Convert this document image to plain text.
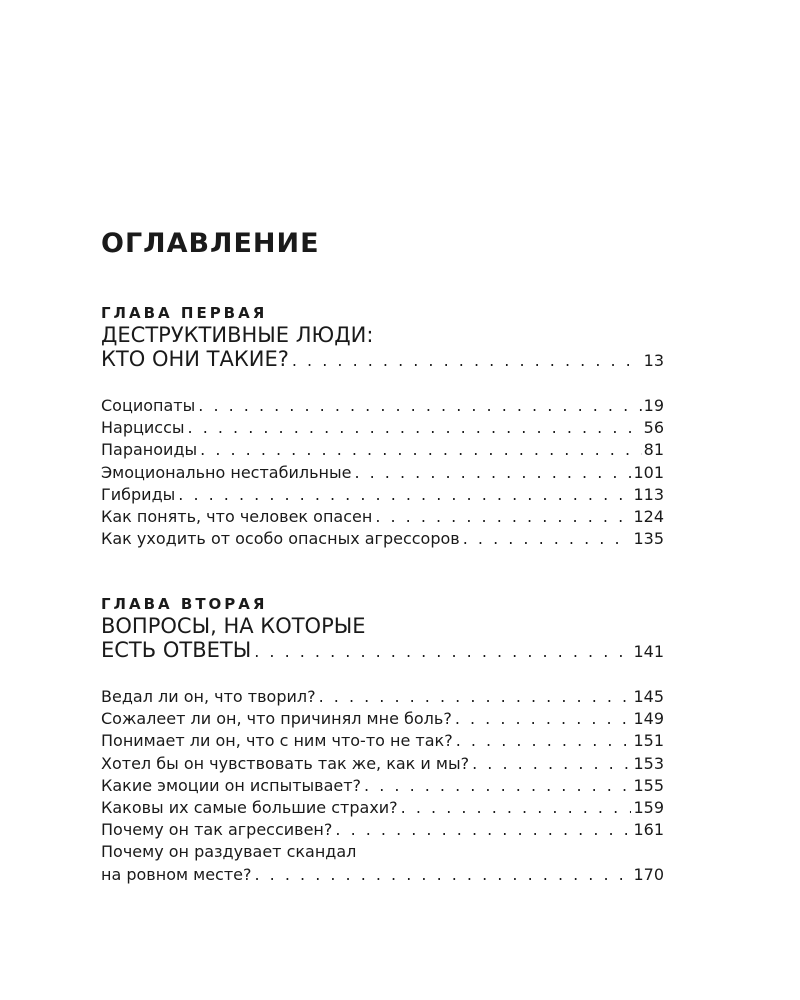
ОГЛАВЛЕНИЕ
ГЛАВА ПЕРВАЯ
ДЕСТРУКТИВНЫЕ ЛЮДИ:
КТО ОНИ ТАКИЕ? . . .	13
Социопаты . . .	19
Нарциссы . . .	56
Параноиды . . .	81
Эмоционально нестабильные . . .	101
Гибриды . . .	113
Как понять, что человек опасен . . .	124
Как уходить от особо опасных агрессоров . . .	135
ГЛАВА ВТОРАЯ
ВОПРОСЫ, НА КОТОРЫЕ
ЕСТЬ ОТВЕТЫ . . .	141
Ведал ли он, что творил? . . .	145
Сожалеет ли он, что причинял мне боль? . . .	149
Понимает ли он, что с ним что-то не так? . . .	151
Хотел бы он чувствовать так же, как и мы? . . .	153
Какие эмоции он испытывает? . . .	155
Каковы их самые большие страхи? . . .	159
Почему он так агрессивен? . . .	161
Почему он раздувает скандал
на ровном месте? . . .	170
